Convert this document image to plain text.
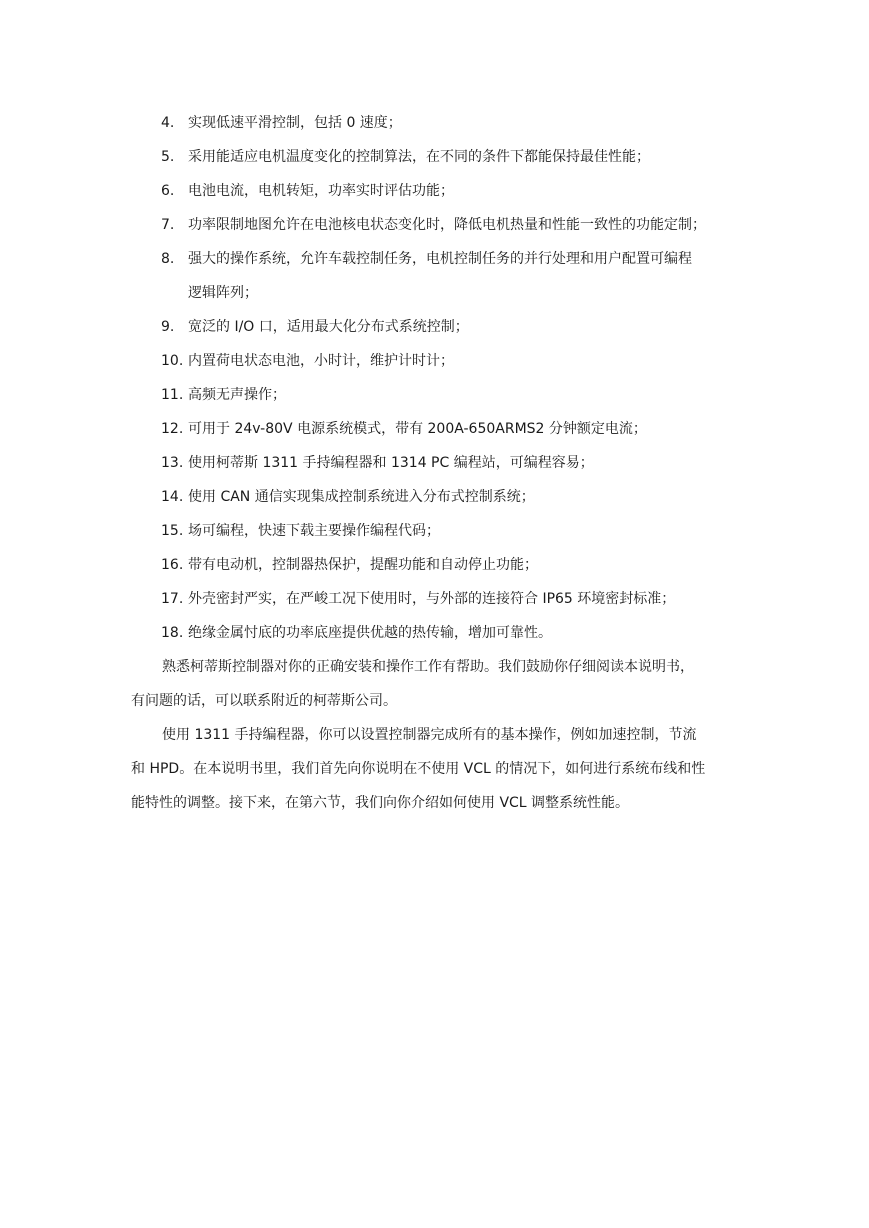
4. 实现低速平滑控制，包括 0 速度；
5. 采用能适应电机温度变化的控制算法，在不同的条件下都能保持最佳性能；
6. 电池电流，电机转矩，功率实时评估功能；
7. 功率限制地图允许在电池核电状态变化时，降低电机热量和性能一致性的功能定制；
8. 强大的操作系统，允许车载控制任务，电机控制任务的并行处理和用户配置可编程
逻辑阵列；
9. 宽泛的 I/O 口，适用最大化分布式系统控制；
10. 内置荷电状态电池，小时计，维护计时计；
11. 高频无声操作；
12. 可用于 24v-80V 电源系统模式，带有 200A-650ARMS2 分钟额定电流；
13. 使用柯蒂斯 1311 手持编程器和 1314 PC 编程站，可编程容易；
14. 使用 CAN 通信实现集成控制系统进入分布式控制系统；
15. 场可编程，快速下载主要操作编程代码；
16. 带有电动机，控制器热保护，提醒功能和自动停止功能；
17. 外壳密封严实，在严峻工况下使用时，与外部的连接符合 IP65 环境密封标准；
18. 绝缘金属忖底的功率底座提供优越的热传输，增加可靠性。

熟悉柯蒂斯控制器对你的正确安装和操作工作有帮助。我们鼓励你仔细阅读本说明书，
有问题的话，可以联系附近的柯蒂斯公司。

使用 1311 手持编程器，你可以设置控制器完成所有的基本操作，例如加速控制，节流
和 HPD。在本说明书里，我们首先向你说明在不使用 VCL 的情况下，如何进行系统布线和性
能特性的调整。接下来，在第六节，我们向你介绍如何使用 VCL 调整系统性能。
